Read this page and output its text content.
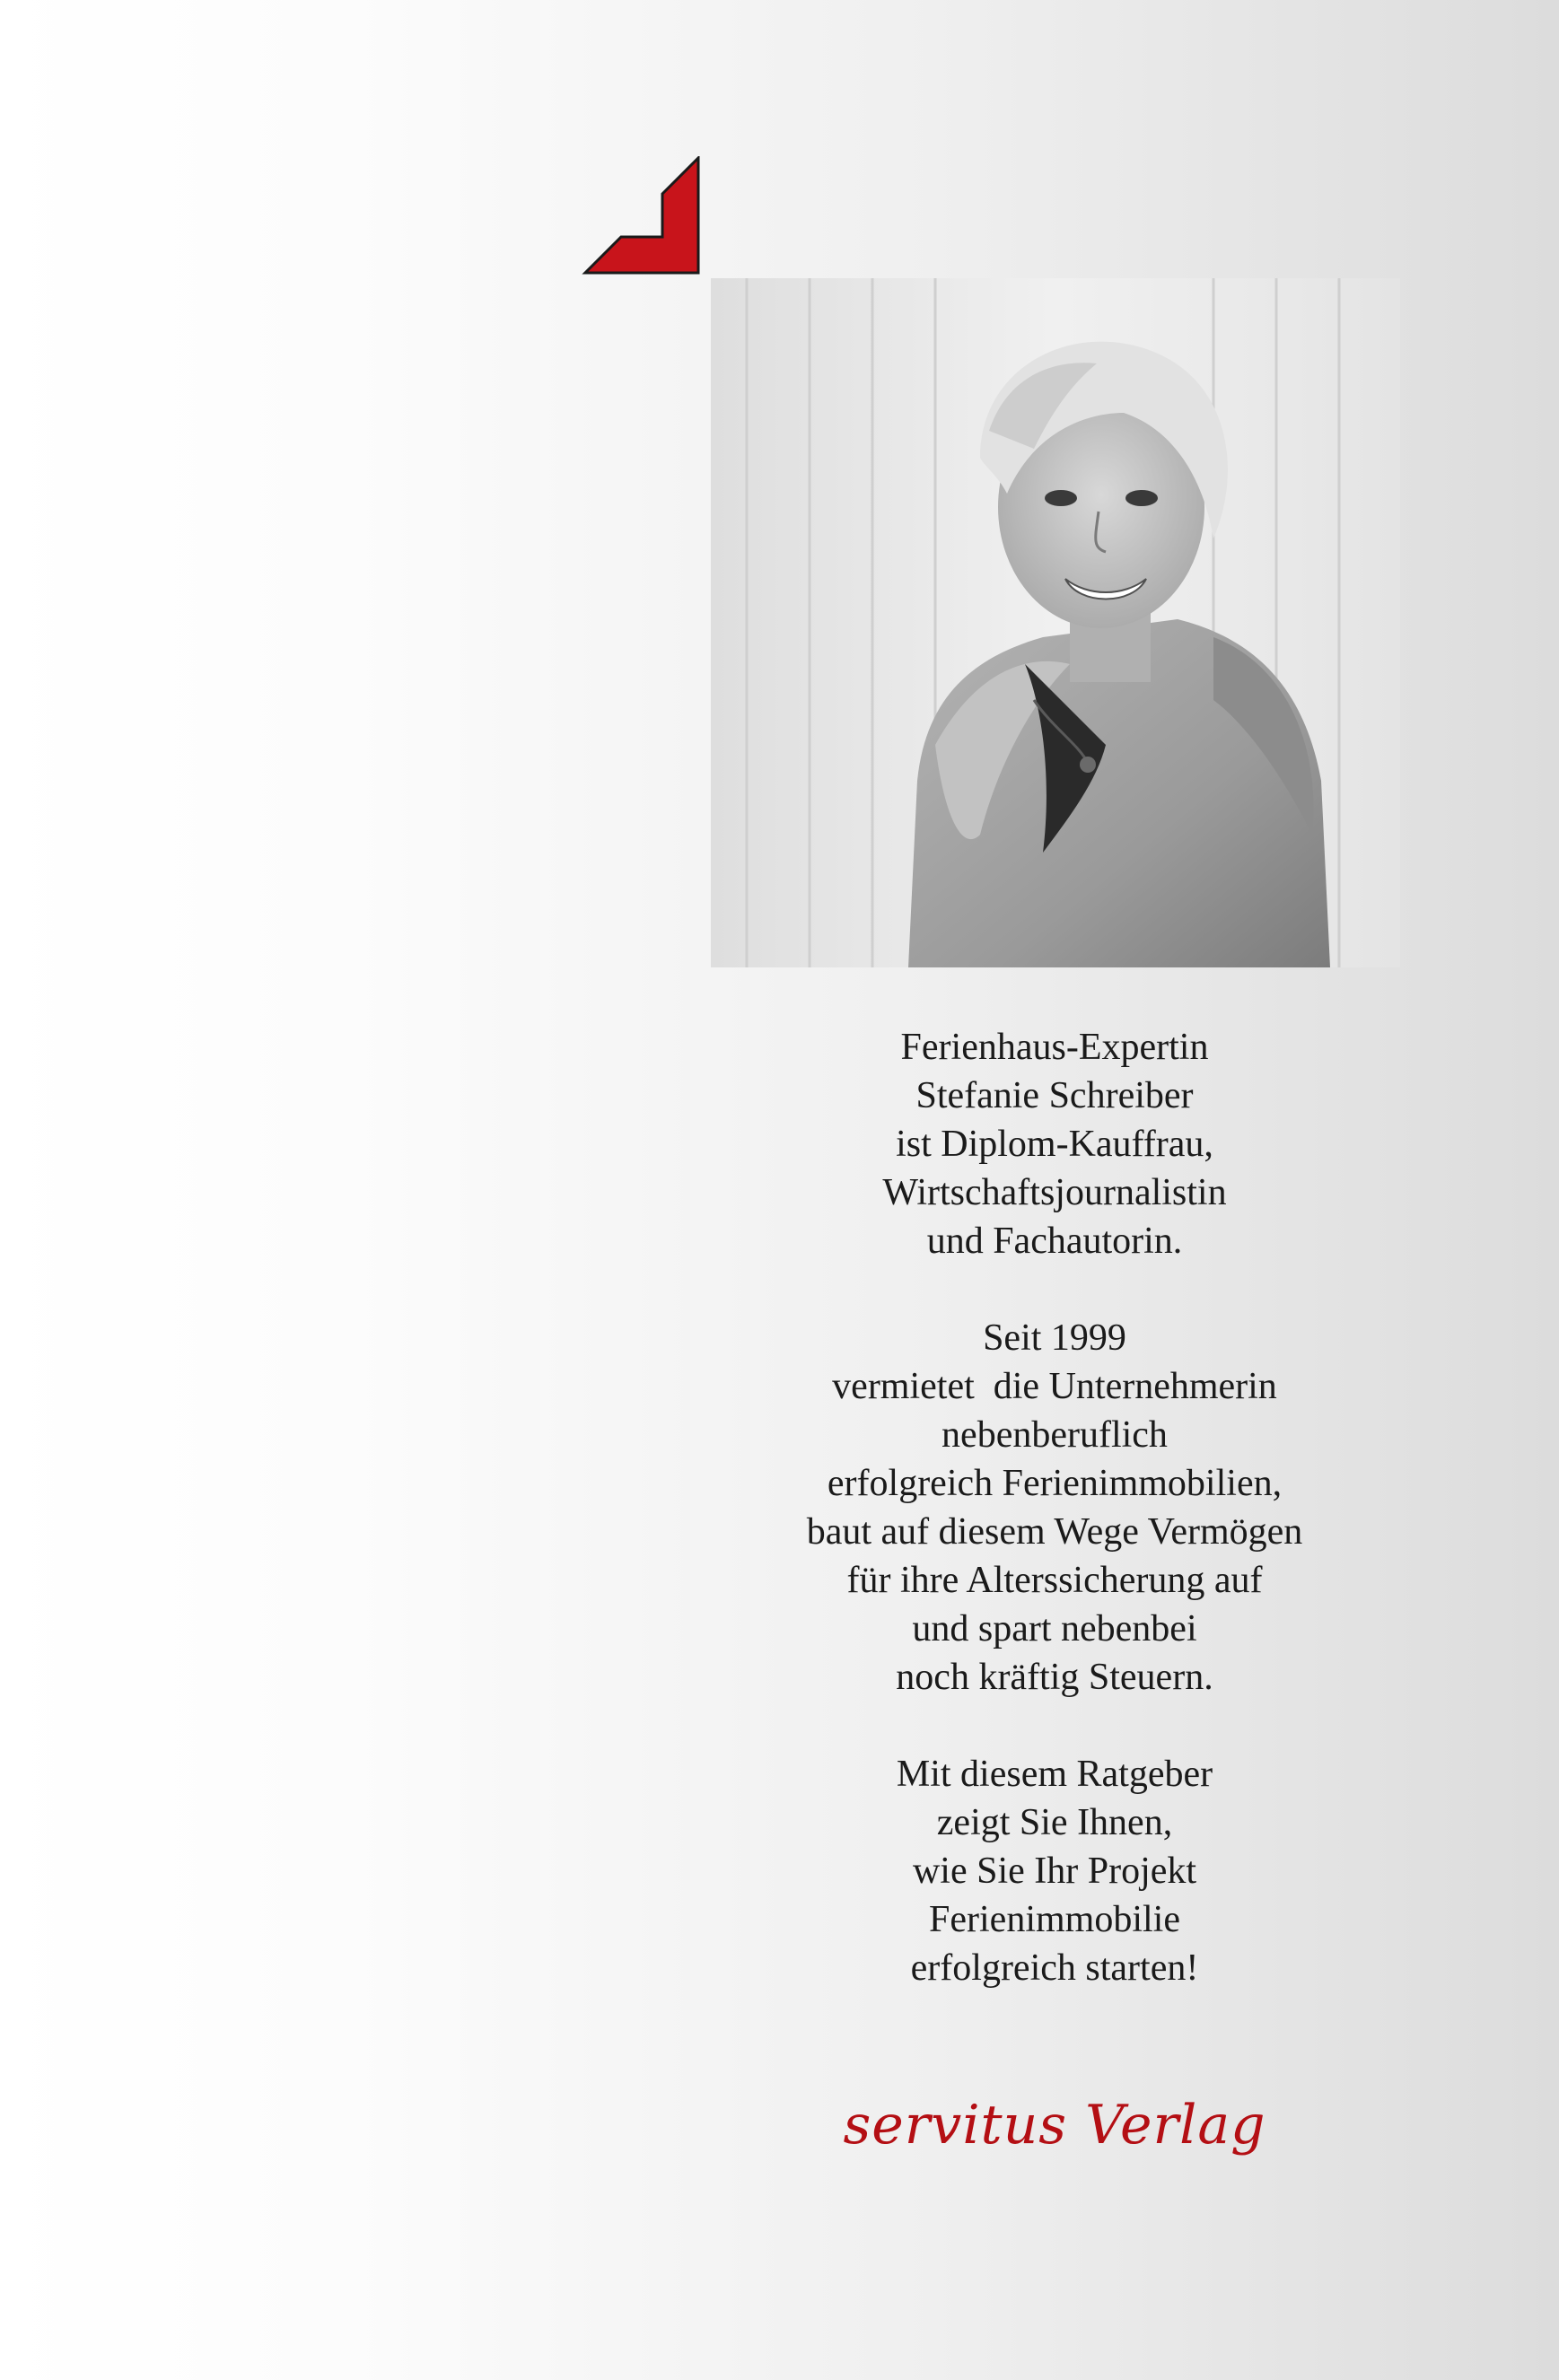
Ferienhaus-Expertin
Stefanie Schreiber
ist Diplom-Kauffrau,
Wirtschaftsjournalistin
und Fachautorin.

Seit 1999
vermietet  die Unternehmerin
nebenberuflich
erfolgreich Ferienimmobilien,
baut auf diesem Wege Vermögen
für ihre Alterssicherung auf
und spart nebenbei
noch kräftig Steuern.

Mit diesem Ratgeber
zeigt Sie Ihnen,
wie Sie Ihr Projekt
Ferienimmobilie
erfolgreich starten!

servitus Verlag
